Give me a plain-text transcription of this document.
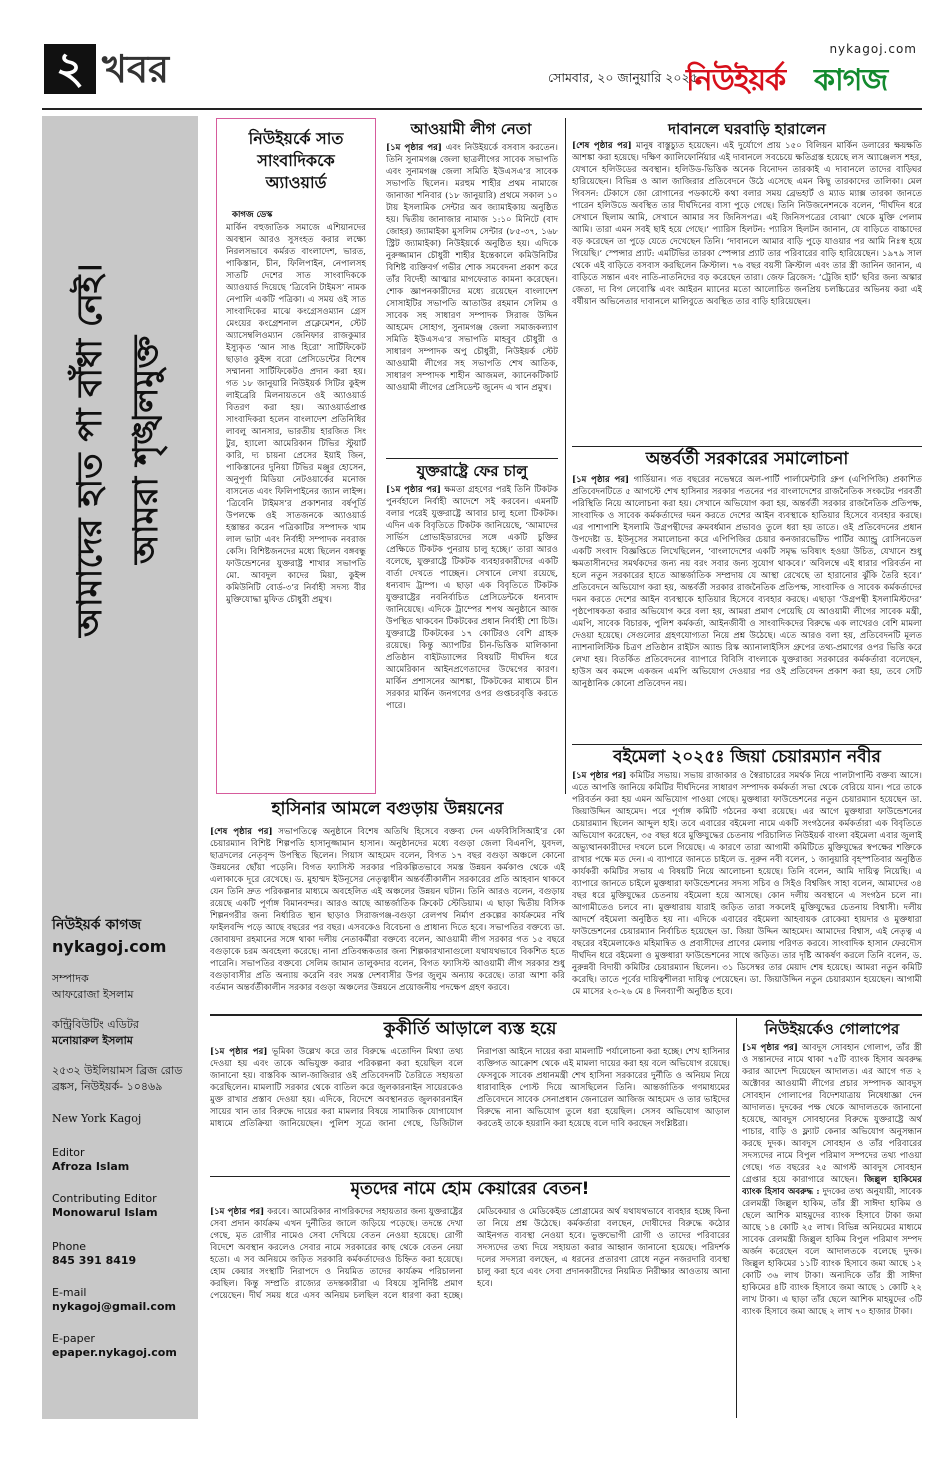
২ খবর	সোমবার, ২০ জানুয়ারি ২০২৫
nykagoj.com
নিউইয়র্ক কাগজ
আমাদের হাত পা বাঁধা নেই। আমরা শৃঙ্খলমুক্ত
নিউইয়র্ক কাগজ
nykagoj.com
সম্পাদক
আফরোজা ইসলাম
কন্ট্রিবিউটিং এডিটর
মনোয়ারুল ইসলাম
২৫৩২ উইলিয়ামস ব্রিজ রোড
ব্রঙ্কস, নিউইয়র্ক- ১০৪৬৯
New York Kagoj
Editor
Afroza Islam
Contributing Editor
Monowarul Islam
Phone
845 391 8419
E-mail
nykagoj@gmail.com
E-paper
epaper.nykagoj.com
নিউইয়র্কে সাত সাংবাদিককে অ্যাওয়ার্ড
কাগজ ডেস্ক
মার্কিন বহুজাতিক সমাজে এশিয়ানদের অবস্থান আরও সুসংহত করার লক্ষ্যে নিরলসভাবে কর্মরত বাংলাদেশ, ভারত, পাকিস্তান, চীন, ফিলিপাইন, নেপালসহ সাতটি দেশের সাত সাংবাদিককে অ্যাওয়ার্ড দিয়েছে ‘ত্রিবেনি টাইমস’ নামক নেপালি একটি পত্রিকা। এ সময় ওই সাত সাংবাদিকের মাঝে কংগ্রেসওম্যান গ্রেস মেংয়ের কংগ্রেশনাল প্রক্লেমেশন, স্টেট অ্যাসেম্বলিওম্যান জেনিফার রাজকুমার ইস্যুকৃত ‘আন সাঙ হিরো’ সার্টিফিকেট ছাড়াও কুইন্স বরো প্রেসিডেন্টের বিশেষ সম্মাননা সার্টিফিকেটও প্রদান করা হয়। গত ১৮ জানুয়ারি নিউইয়র্ক সিটির কুইন্স লাইব্রেরি মিলনায়তনে ওই অ্যাওয়ার্ড বিতরণ করা হয়। অ্যাওয়ার্ডপ্রাপ্ত সাংবাদিকরা হলেন বাংলাদেশ প্রতিনিধির লাবলু আনসার, ভারতীয় হারজিত সিং টুর, হ্যালো আমেরিকান টিভির স্টুয়ার্ট কারি, দ্য চায়না প্রেসের ইয়াই জিন, পাকিস্তানের দুনিয়া টিভির মঞ্জুর হোসেন, অনুপূর্ণা মিডিয়া নেটওয়ার্কের মনোজ বাসনেত এবং ফিলিপাইনের জ্যান লাইন্স। ‘ত্রিবেনি টাইমস’র প্রকাশনার বর্ষপূর্তি উপলক্ষে ওই সাতজনকে অ্যাওয়ার্ড হস্তান্তর করেন পত্রিকাটির সম্পাদক খাম লাল ভাটা এবং নির্বাহী সম্পাদক নবরাজ কেসি। বিশিষ্টজনদের মধ্যে ছিলেন বঙ্গবন্ধু ফাউন্ডেশনের যুক্তরাষ্ট্র শাখার সভাপতি মো. আবদুল কাদের মিয়া, কুইন্স কমিউনিটি বোর্ড-৩’র নির্বাহী সদস্য বীর মুক্তিযোদ্ধা মুফিত চৌধুরী প্রমুখ।
আওয়ামী লীগ নেতা
[১ম পৃষ্ঠার পর] এবং নিউইয়র্কে বসবাস করতেন। তিনি সুনামগঞ্জ জেলা ছাত্রলীগের সাবেক সভাপতি এবং সুনামগঞ্জ জেলা সমিতি ইউএসএ’র সাবেক সভাপতি ছিলেন। মরহুম শাহীর প্রথম নামাজে জানাজা শনিবার (১৮ জানুয়ারি) প্রথমে সকাল ১০ টায় ইসলামিক সেন্টার অব জ্যামাইকায় অনুষ্ঠিত হয়। দ্বিতীয় জানাজার নামাজ ১:১০ মিনিটে (বাদ জোহর) জ্যামাইকা মুসলিম সেন্টার (৮৫-৩৭, ১৬৮ স্ট্রিট জ্যামাইকা) নিউইয়র্কে অনুষ্ঠিত হয়। এদিকে নুরুজ্জামান চৌধুরী শাহীর ইন্তেকালে কমিউনিটির বিশিষ্ট ব্যক্তিবর্গ গভীর শোক সমবেদনা প্রকাশ করে তাঁর বিদেহী আত্মার মাগফেরাত কামনা করেছেন। শোক জ্ঞাপনকারীদের মধ্যে রয়েছেন বাংলাদেশ সোসাইটির সভাপতি আতাউর রহমান সেলিম ও সাবেক সহ সাধারণ সম্পাদক সিরাজ উদ্দিন আহমেদ সোহাগ, সুনামগঞ্জ জেলা সমাজকল্যাণ সমিতি ইউএসএ’র সভাপতি মাহবুব চৌধুরী ও সাধারণ সম্পাদক অপু চৌধুরী, নিউইয়র্ক স্টেট আওয়ামী লীগের সহ সভাপতি শেখ আতিক, সাধারণ সম্পাদক শাহীন আজমল, ক্যানেকটিকাট আওয়ামী লীগের প্রেসিডেন্ট জুনেদ এ খান প্রমুখ।
যুক্তরাষ্ট্রে ফের চালু
[১ম পৃষ্ঠার পর] ক্ষমতা গ্রহণের পরই তিনি টিকটক পুনর্বহালে নির্বাহী আদেশে সই করবেন। এমনটি বলার পরেই যুক্তরাষ্ট্রে আবার চালু হলো টিকটক। এদিন এক বিবৃতিতে টিকটক জানিয়েছে, ‘আমাদের সার্ভিস প্রোভাইডারদের সঙ্গে একটি চুক্তির প্রেক্ষিতে টিকটক পুনরায় চালু হচ্ছে।’ তারা আরও বলেছে, যুক্তরাষ্ট্রে টিকটক ব্যবহারকারীদের একটি বার্তা দেখতে পাচ্ছেন। সেখানে লেখা রয়েছে, ধন্যবাদ ট্রাম্প। এ ছাড়া এক বিবৃতিতে টিকটক যুক্তরাষ্ট্রের নবনির্বাচিত প্রেসিডেন্টকে ধন্যবাদ জানিয়েছে। এদিকে ট্রাম্পের শপথ অনুষ্ঠানে আজ উপস্থিত থাকবেন টিকটকের প্রধান নির্বাহী শো চিউ। যুক্তরাষ্ট্রে টিকটকের ১৭ কোটিরও বেশি গ্রাহক রয়েছে। কিন্তু অ্যাপটির চীন-ভিত্তিক মালিকানা প্রতিষ্ঠান বাইটড্যান্সের বিষয়টি দীর্ঘদিন ধরে আমেরিকান আইনপ্রণেতাদের উদ্বেগের কারণ। মার্কিন প্রশাসনের আশঙ্কা, টিকটকের মাধ্যমে চীন সরকার মার্কিন জনগণের ওপর গুপ্তচরবৃত্তি করতে পারে।
দাবানলে ঘরবাড়ি হারালেন
[শেষ পৃষ্ঠার পর] মানুষ বাস্তুচ্যুত হয়েছেন। এই দুর্যোগে প্রায় ১৫০ বিলিয়ন মার্কিন ডলারের ক্ষয়ক্ষতি আশঙ্কা করা হয়েছে। দক্ষিণ ক্যালিফোর্নিয়ার এই দাবানলে সবচেয়ে ক্ষতিগ্রস্ত হয়েছে লস অ্যাঞ্জেলস শহর, যেখানে হলিউডের অবস্থান। হলিউড-ভিত্তিক অনেক বিনোদন তারকাই এ দাবানলে তাদের বাড়িঘর হারিয়েছেন। বিভিন্ন ও আল জাজিরার প্রতিবেদনে উঠে এসেছে এমন কিছু তারকাদের তালিকা। মেল গিবসন: টেকাসে জো রোগানের পডকাস্টে কথা বলার সময় ব্রেভহার্ট ও ম্যাড ম্যাক্স তারকা জানতে পারেন হলিউডে অবস্থিত তার দীর্ঘদিনের বাসা পুড়ে গেছে। তিনি নিউজনেশনকে বলেন, ‘দীর্ঘদিন ধরে সেখানে ছিলাম আমি, সেখানে আমার সব জিনিসপত্র। এই জিনিসপত্রের বোঝা’ থেকে মুক্তি পেলাম আমি। তারা এমন সবই ছাই হয়ে গেছে।’ প্যারিস হিলটন: প্যারিস হিলটন জানান, যে বাড়িতে বাচ্চাদের বড় করেছেন তা পুড়ে যেতে দেখেছেন তিনি। ‘দাবানলে আমার বাড়ি পুড়ে যাওয়ার পর আমি নিঃস্ব হয়ে গিয়েছি।’ স্পেন্সার প্র্যাট: এমটিভির তারকা স্পেন্সার প্র্যাট তার পরিবারের বাড়ি হারিয়েছেন। ১৯৭৯ সাল থেকে এই বাড়িতে বসবাস করছিলেন ক্রিস্টাল। ৭৬ বছর বয়সী ক্রিস্টাল এবং তার স্ত্রী জানিন জানান, এ বাড়িতে সন্তান এবং নাতি-নাতনিদের বড় করেছেন তারা। জেফ ব্রিজেস: ‘ট্রেজি হার্ট’ ছবির জন্য অস্কার জেতা, দ্য বিগ লেবোস্কি এবং আইরন ম্যানের মতো আলোচিত জনপ্রিয় চলচ্চিত্রের অভিনয় করা এই বর্ষীয়ান অভিনেতার দাবানলে মালিবুতে অবস্থিত তার বাড়ি হারিয়েছেন।
অন্তর্বর্তী সরকারের সমালোচনা
[১ম পৃষ্ঠার পর] গার্ডিয়ান। গত বছরের নভেম্বরে অল-পার্টি পার্লামেন্টারি গ্রুপ (এপিপিজি) প্রকাশিত প্রতিবেদনটিতে ৫ আগস্টে শেখ হাসিনার সরকার পতনের পর বাংলাদেশের রাজনৈতিক সংকটের পরবর্তী পরিস্থিতি নিয়ে আলোচনা করা হয়। সেখানে অভিযোগ করা হয়, অন্তর্বর্তী সরকার রাজনৈতিক প্রতিপক্ষ, সাংবাদিক ও সাবেক কর্মকর্তাদের দমন করতে দেশের আইন ব্যবস্থাকে হাতিয়ার হিসেবে ব্যবহার করছে। এর পাশাপাশি ইসলামি উগ্রপন্থীদের ক্রমবর্ধমান প্রভাবও তুলে ধরা হয় তাতে। ওই প্রতিবেদনের প্রধান উপদেষ্টা ড. ইউনূসের সমালোচনা করে এপিপিজির চেয়ার কনজারভেটিভ পার্টির অ্যান্ড্রু রোসিনডেল একটি সংবাদ বিজ্ঞপ্তিতে লিখেছিলেন, ‘বাংলাদেশের একটি সমৃদ্ধ ভবিষ্যৎ হওয়া উচিত, যেখানে শুধু ক্ষমতাসীনদের সমর্থকদের জন্য নয় বরং সবার জন্য সুযোগ থাকবে।’ অবিলম্বে এই ধারার পরিবর্তন না হলে নতুন সরকারের হাতে আন্তর্জাতিক সম্প্রদায় যে আস্থা রেখেছে তা হারানোর ঝুঁকি তৈরি হবে।’ প্রতিবেদনে অভিযোগ করা হয়, অন্তর্বর্তী সরকার রাজনৈতিক প্রতিপক্ষ, সাংবাদিক ও সাবেক কর্মকর্তাদের দমন করতে দেশের আইন ব্যবস্থাকে হাতিয়ার হিসেবে ব্যবহার করছে। এছাড়া ‘উগ্রপন্থী ইসলামিস্টদের’ পৃষ্ঠপোষকতা করার অভিযোগ করে বলা হয়, আমরা প্রমাণ পেয়েছি যে আওয়ামী লীগের সাবেক মন্ত্রী, এমপি, সাবেক বিচারক, পুলিশ কর্মকর্তা, আইনজীবী ও সাংবাদিকদের বিরুদ্ধে এক লাখেরও বেশি মামলা দেওয়া হয়েছে। সেগুলোর গ্রহণযোগ্যতা নিয়ে প্রশ্ন উঠেছে। এতে আরও বলা হয়, প্রতিবেদনটি মূলত ন্যাশনালিস্টিক চিত্রণ প্রতিষ্ঠান রাইটস অ্যান্ড রিস্ক অ্যানালাইসিস গ্রুপের তথ্য-প্রমাণের ওপর ভিত্তি করে লেখা হয়। বিতর্কিত প্রতিবেদনের ব্যাপারে বিবিসি বাংলাকে যুক্তরাজ্য সরকারের কর্মকর্তারা বলেছেন, হাউস অব কমন্সে একজন এমপি অভিযোগ দেওয়ার পর ওই প্রতিবেদন প্রকাশ করা হয়, তবে সেটি আনুষ্ঠানিক কোনো প্রতিবেদন নয়।
বইমেলা ২০২৫ঃ জিয়া চেয়ারম্যান নবীর
[১ম পৃষ্ঠার পর] কমিটির সভায়। সভায় রাজাকার ও স্বৈরাচারের সমর্থক নিয়ে পালটাপাল্টি বক্তব্য আসে। এতে আপত্তি জানিয়ে কমিটির দীর্ঘদিনের সাধারণ সম্পাদক কর্মকর্তা সভা থেকে বেরিয়ে যান। পরে তাকে পরিবর্তন করা হয় এমন অভিযোগ পাওয়া গেছে। মুক্তধারা ফাউন্ডেশনের নতুন চেয়ারম্যান হয়েছেন ডা. জিয়াউদ্দিন আহমেদ। পরে পূর্ণাঙ্গ কমিটি গঠনের কথা রয়েছে। এর আগে মুক্তধারা ফাউন্ডেশনের চেয়ারম্যান ছিলেন আব্দুল হাই। তবে এবারের বইমেলা নামে একটি সংগঠনের কর্মকর্তারা এক বিবৃতিতে অভিযোগ করেছেন, ৩৫ বছর ধরে মুক্তিযুদ্ধের চেতনায় পরিচালিত নিউইয়র্ক বাংলা বইমেলা এবার জুলাই অভ্যুত্থানকারীদের দখলে চলে গিয়েছে। এ কারণে তারা আগামী কমিটিতে মুক্তিযুদ্ধের স্বপক্ষের শক্তিকে রাখার পক্ষে মত দেন। এ ব্যাপারে জানতে চাইলে ড. নূরুন নবী বলেন, ১ জানুয়ারি বৃহস্পতিবার অনুষ্ঠিত কার্যকরী কমিটির সভায় এ বিষয়টি নিয়ে আলোচনা হয়েছে। তিনি বলেন, আমি দায়িত্ব নিয়েছি। এ ব্যাপারে জানতে চাইলে মুক্তধারা ফাউন্ডেশনের সদস্য সচিব ও সিইও বিশ্বজিৎ সাহা বলেন, আমাদের ৩৪ বছর ধরে মুক্তিযুদ্ধের চেতনায় বইমেলা হয়ে আসছে। কোন দলীয় অবস্থানে এ সংগঠন চলে না। আগামীতেও চলবে না। মুক্তধারায় যারাই জড়িত তারা সকলেই মুক্তিযুদ্ধের চেতনায় বিশ্বাসী। দলীয় আদর্শে বইমেলা অনুষ্ঠিত হয় না। এদিকে এবারের বইমেলা আহবায়ক রোকেয়া হায়দার ও মুক্তধারা ফাউন্ডেশনের চেয়ারম্যান নির্বাচিত হয়েছেন ডা. জিয়া উদ্দিন আহমেদ। আমাদের বিশ্বাস, এই নেতৃত্ব এ বছরের বইমেলাকেও মহিমান্বিত ও প্রবাসীদের প্রাণের মেলায় পরিণত করবে। সাংবাদিক হাসান ফেরদৌস দীর্ঘদিন ধরে বইমেলা ও মুক্তধারা ফাউন্ডেশনের সাথে জড়িত। তার দৃষ্টি আকর্ষণ করলে তিনি বলেন, ড. নুরুন্নবী বিদায়ী কমিটির চেয়ারম্যান ছিলেন। ৩১ ডিসেম্বর তার মেয়াদ শেষ হয়েছে। আমরা নতুন কমিটি করেছি। তাতে পূর্বের দায়িত্বশীলরা দায়িত্ব পেয়েছেন। ডা. জিয়াউদ্দিন নতুন চেয়ারম্যান হয়েছেন। আগামী মে মাসের ২৩-২৬ মে ৪ দিনব্যাপী অনুষ্ঠিত হবে।
হাসিনার আমলে বগুড়ায় উন্নয়নের
[শেষ পৃষ্ঠার পর] সভাপতিত্বে অনুষ্ঠানে বিশেষ অতিথি হিসেবে বক্তব্য দেন এফবিসিসিআই’র কো চেয়ারম্যান বিশিষ্ট শিল্পপতি হাসানুজ্জামান হাসান। অনুষ্ঠানদের মধ্যে বগুড়া জেলা বিএনপি, যুবদল, ছাত্রদলের নেতৃবৃন্দ উপস্থিত ছিলেন। গিয়াস আহমেদ বলেন, বিগত ১৭ বছর বগুড়া অঞ্চলে কোনো উন্নয়নের ছোঁয়া পড়েনি। বিগত ফ্যাসিস্ট সরকার পরিকল্পিতভাবে সমস্ত উন্নয়ন কর্মকাণ্ড থেকে এই এলাকাকে দূরে রেখেছে। ড. মুহাম্মদ ইউনূসের নেতৃত্বাধীন অন্তর্বর্তীকালীন সরকারের প্রতি আহবান থাকবে যেন তিনি দ্রুত পরিকল্পনার মাধ্যমে অবহেলিত এই অঞ্চলের উন্নয়ন ঘটান। তিনি আরও বলেন, বগুড়ায় রয়েছে একটি পূর্ণাঙ্গ বিমানবন্দর। আরও আছে আন্তর্জাতিক ক্রিকেট স্টেডিয়াম। এ ছাড়া দ্বিতীয় বিসিক শিল্পনগরীর জন্য নির্ধারিত স্থান ছাড়াও সিরাজগঞ্জ-বগুড়া রেলপথ নির্মাণ প্রকল্পের কার্যক্রমের নথি ফাইলবন্দি পড়ে আছে বছরের পর বছর। এসবকেও বিবেচনা ও প্রাধান্য দিতে হবে। সভাপতির বক্তব্যে ডা. জোবায়দা রহমানের সঙ্গে থাকা দলীয় নেতাকর্মীরা বক্তব্যে বলেন, আওয়ামী লীগ সরকার গত ১৫ বছরে বগুড়াকে চরম অবহেলা করেছে। নানা প্রতিবন্ধকতার জন্য শিল্পকারখানাগুলো যথাযথভাবে বিকশিত হতে পারেনি। সভাপতির বক্তব্যে সেলিম জামান তালুকদার বলেন, বিগত ফ্যাসিস্ট আওয়ামী লীগ সরকার শুধু বগুড়াবাসীর প্রতি অন্যায় করেনি বরং সমস্ত দেশবাসীর উপর জুলুম অন্যায় করেছে। তারা আশা করি বর্তমান অন্তর্বর্তীকালীন সরকার বগুড়া অঞ্চলের উন্নয়নে প্রয়োজনীয় পদক্ষেপ গ্রহণ করবে।
কুকীর্তি আড়ালে ব্যস্ত হয়ে
[১ম পৃষ্ঠার পর] ভূমিকা উল্লেখ করে তার বিরুদ্ধে এতোদিন মিথ্যা তথ্য দেওয়া হয় এবং তাকে অভিযুক্ত করার পরিকল্পনা করা হয়েছিল বলে জানানো হয়। বাস্তবিক আল-জাজিরার ওই প্রতিবেদনটি তৈরিতে সহায়তা করেছিলেন। মামলাটি সরকার থেকে বাতিল করে জুলকারনাইন সায়েরকেও মুক্ত রাখার প্রস্তাব দেওয়া হয়। এদিকে, বিদেশে অবস্থানরত জুলকারনাইন সায়ের খান তার বিরুদ্ধে দায়ের করা মামলার বিষয়ে সামাজিক যোগাযোগ মাধ্যমে প্রতিক্রিয়া জানিয়েছেন। পুলিশ সূত্রে জানা গেছে, ডিজিটাল নিরাপত্তা আইনে দায়ের করা মামলাটি পর্যালোচনা করা হচ্ছে। শেখ হাসিনার ব্যক্তিগত আক্রোশ থেকে এই মামলা দায়ের করা হয় বলে অভিযোগ রয়েছে। ফেসবুকে সাবেক প্রধানমন্ত্রী শেখ হাসিনা সরকারের দুর্নীতি ও অনিয়ম নিয়ে ধারাবাহিক পোস্ট দিয়ে আসছিলেন তিনি। আন্তর্জাতিক গণমাধ্যমের প্রতিবেদনে সাবেক সেনাপ্রধান জেনারেল আজিজ আহমেদ ও তার ভাইদের বিরুদ্ধে নানা অভিযোগ তুলে ধরা হয়েছিল। সেসব অভিযোগ আড়াল করতেই তাকে হয়রানি করা হয়েছে বলে দাবি করছেন সংশ্লিষ্টরা।
মৃতদের নামে হোম কেয়ারের বেতন!
[১ম পৃষ্ঠার পর] করবে। আমেরিকার নাগরিকদের সহায়তার জন্য যুক্তরাষ্ট্রের সেবা প্রদান কার্যক্রম এখন দুর্নীতির জালে জড়িয়ে পড়েছে। তদন্তে দেখা গেছে, মৃত রোগীর নামেও সেবা দেখিয়ে বেতন নেওয়া হয়েছে। রোগী বিদেশে অবস্থান করলেও সেবার নামে সরকারের কাছ থেকে বেতন নেয়া হতো। এ সব অনিয়মে জড়িত সরকারি কর্মকর্তাদেরও চিহ্নিত করা হয়েছে। হোম কেয়ার সংস্থাটি নিরাপদে ও নিয়মিত তাদের কার্যক্রম পরিচালনা করছিল। কিন্তু সম্প্রতি রাজ্যের তদন্তকারীরা এ বিষয়ে সুনির্দিষ্ট প্রমাণ পেয়েছেন। দীর্ঘ সময় ধরে এসব অনিয়ম চলছিল বলে ধারণা করা হচ্ছে। মেডিকেয়ার ও মেডিকেইড প্রোগ্রামের অর্থ যথাযথভাবে ব্যবহার হচ্ছে কিনা তা নিয়ে প্রশ্ন উঠেছে। কর্মকর্তারা বলছেন, দোষীদের বিরুদ্ধে কঠোর আইনগত ব্যবস্থা নেওয়া হবে। ভুক্তভোগী রোগী ও তাদের পরিবারের সদস্যদের তথ্য দিয়ে সহায়তা করার আহ্বান জানানো হয়েছে। পরিদর্শক দলের সদস্যরা বলছেন, এ ধরনের প্রতারণা রোধে নতুন নজরদারি ব্যবস্থা চালু করা হবে এবং সেবা প্রদানকারীদের নিয়মিত নিরীক্ষার আওতায় আনা হবে।
নিউইয়র্কেও গোলাপের
[১ম পৃষ্ঠার পর] আবদুস সোবহান গোলাপ, তাঁর স্ত্রী ও সন্তানদের নামে থাকা ৭৫টি ব্যাংক হিসাব অবরুদ্ধ করার আদেশ দিয়েছেন আদালত। এর আগে গত ২ অক্টোবর আওয়ামী লীগের প্রচার সম্পাদক আবদুস সোবহান গোলাপের বিদেশযাত্রায় নিষেধাজ্ঞা দেন আদালত। দুদকের পক্ষ থেকে আদালতকে জানানো হয়েছে, আবদুস সোবহানের বিরুদ্ধে যুক্তরাষ্ট্রে অর্থ পাচার, বাড়ি ও ফ্ল্যাট কেনার অভিযোগ অনুসন্ধান করছে দুদক। আবদুস সোবহান ও তাঁর পরিবারের সদস্যদের নামে বিপুল পরিমাণ সম্পদের তথ্য পাওয়া গেছে। গত বছরের ২৫ আগস্ট আবদুস সোবহান গ্রেপ্তার হয়ে কারাগারে আছেন। জিল্লুল হাকিমের ব্যাংক হিসাব অবরুদ্ধ : দুদকের তথ্য অনুযায়ী, সাবেক রেলমন্ত্রী জিল্লুল হাকিম, তাঁর স্ত্রী সাঈদা হাকিম ও ছেলে আশিক মাহমুদের ব্যাংক হিসাবে টাকা জমা আছে ১৪ কোটি ২৫ লাখ। বিভিন্ন অনিয়মের মাধ্যমে সাবেক রেলমন্ত্রী জিল্লুল হাকিম বিপুল পরিমাণ সম্পদ অর্জন করেছেন বলে আদালতকে বলেছে দুদক। জিল্লুল হাকিমের ১১টি ব্যাংক হিসাবে জমা আছে ১২ কোটি ৩৬ লাখ টাকা। অন্যদিকে তাঁর স্ত্রী সাঈদা হাকিমের ৪টি ব্যাংক হিসাবে জমা আছে ১ কোটি ২২ লাখ টাকা। এ ছাড়া তাঁর ছেলে আশিক মাহমুদের ৩টি ব্যাংক হিসাবে জমা আছে ২ লাখ ৭০ হাজার টাকা।
